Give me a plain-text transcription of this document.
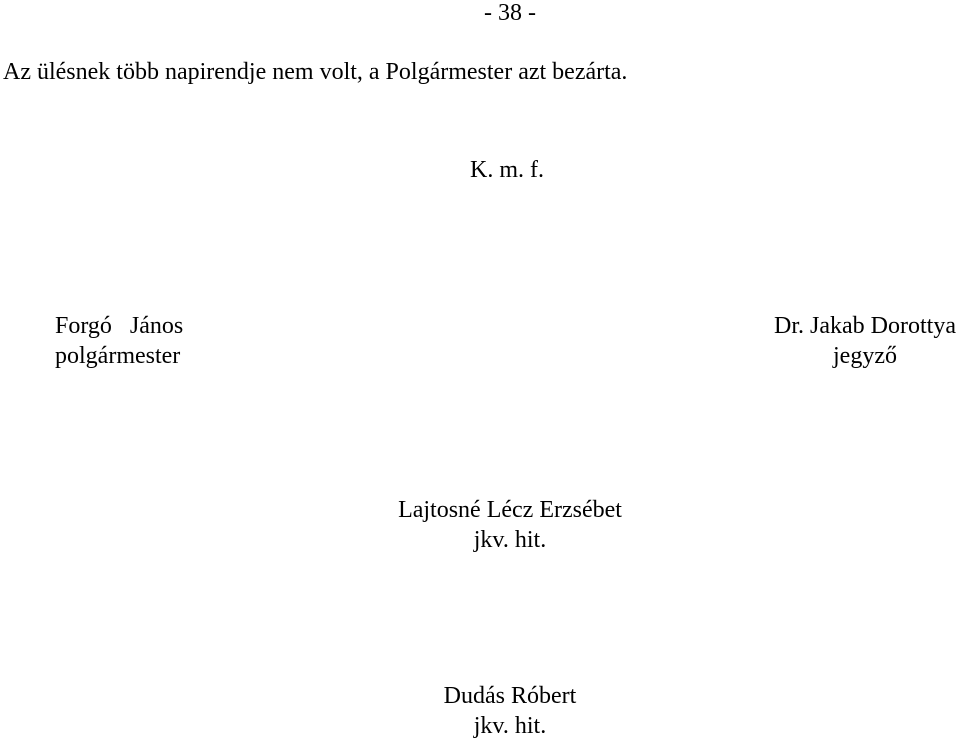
- 38 -
Az ülésnek több napirendje nem volt, a Polgármester azt bezárta.
K. m. f.
Forgó János
polgármester
Dr. Jakab Dorottya
jegyző
Lajtosné Lécz Erzsébet
jkv. hit.
Dudás Róbert
jkv. hit.
